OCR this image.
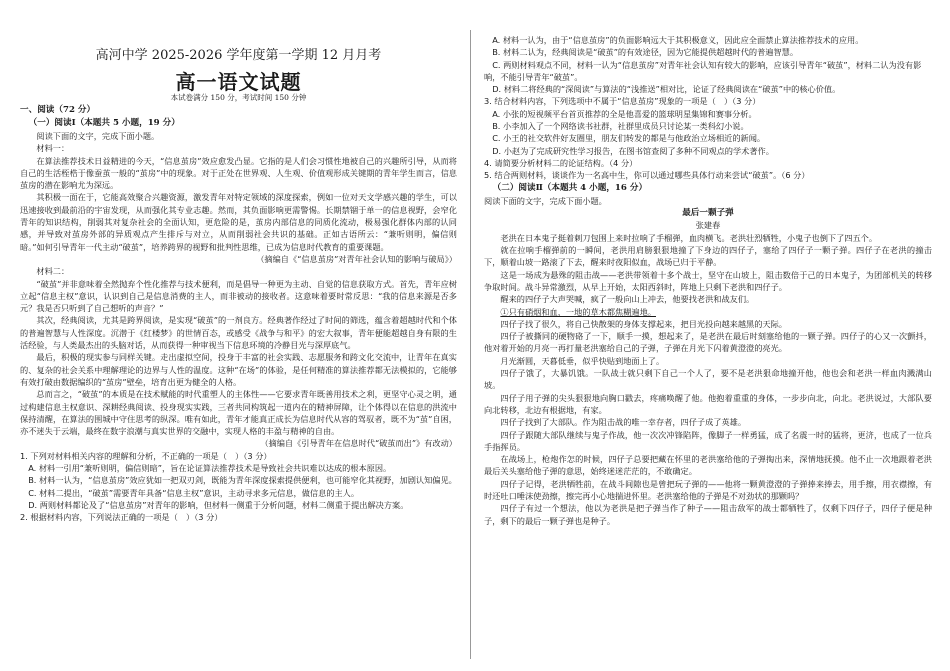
高河中学 2025-2026 学年度第一学期 12 月月考
高一语文试题
本试卷满分 150 分，考试时间 150 分钟

一、阅读（72 分）

（一）阅读Ⅰ（本题共 5 小题，19 分）

阅读下面的文字，完成下面小题。

材料一：

在算法推荐技术日益精进的今天，“信息茧房”效应愈发凸显。它指的是人们会习惯性地被自己的兴趣所引导，从而将自己的生活桎梏于像蚕茧一般的“茧房”中的现象。对于正处在世界观、人生观、价值观形成关键期的青年学生而言，信息茧房的潜在影响尤为深远。

其积极一面在于，它能高效聚合兴趣资源，激发青年对特定领域的深度探索，例如一位对天文学感兴趣的学生，可以迅速接收到最前沿的宇宙发现，从而强化其专业志趣。然而，其负面影响更需警惕。长期禁锢于单一的信息视野，会窄化青年的知识结构，削弱其对复杂社会的全面认知，更危险的是，茧房内部信息的同质化流动，极易强化群体内部的认同感，并导致对茧房外部的异质观点产生排斥与对立，从而削弱社会共识的基础。正如古语所云：“兼听则明，偏信则暗。”如何引导青年一代主动“破茧”，培养跨界的视野和批判性思维，已成为信息时代教育的重要课题。

（摘编自《“信息茧房”对青年社会认知的影响与破局》）

材料二：

“破茧”并非意味着全然抛弃个性化推荐与技术便利，而是倡导一种更为主动、自觉的信息获取方式。首先，青年应树立起“信息主权”意识，认识到自己是信息消费的主人，而非被动的接收者。这意味着要时常反思：“我的信息来源是否多元？我是否只听到了自己想听的声音？”

其次，经典阅读，尤其是跨界阅读，是实现“破茧”的一剂良方。经典著作经过了时间的筛选，蕴含着超越时代和个体的普遍智慧与人性深度。沉潜于《红楼梦》的世情百态，或感受《战争与和平》的宏大叙事，青年便能超越自身有限的生活经验，与人类最杰出的头脑对话，从而获得一种审视当下信息环境的冷静目光与深厚底气。

最后，积极的现实参与同样关键。走出虚拟空间，投身于丰富的社会实践、志愿服务和跨文化交流中，让青年在真实的、复杂的社会关系中理解理论的边界与人性的温度。这种“在场”的体验，是任何精准的算法推荐都无法模拟的，它能够有效打破由数据编织的“茧房”壁垒，培育出更为健全的人格。

总而言之，“破茧”的本质是在技术赋能的时代重塑人的主体性——它要求青年既善用技术之利，更坚守心灵之明，通过构建信息主权意识、深耕经典阅读、投身现实实践，三者共同构筑起一道内在的精神屏障，让个体得以在信息的洪流中保持清醒，在算法的围城中守住思考的纵深。唯有如此，青年才能真正成长为信息时代从容的驾驭者，既不为“茧”自困，亦不迷失于云端，最终在数字浪潮与真实世界的交融中，实现人格的丰盈与精神的自由。

（摘编自《引导青年在信息时代“破茧而出”》有改动）

1. 下列对材料相关内容的理解和分析，不正确的一项是（　）（3 分）

A. 材料一引用“兼听则明，偏信则暗”，旨在论证算法推荐技术是导致社会共识难以达成的根本原因。

B. 材料一认为，“信息茧房”效应犹如一把双刃剑，既能为青年深度探索提供便利，也可能窄化其视野，加剧认知偏见。

C. 材料二提出，“破茧”需要青年具备“信息主权”意识，主动寻求多元信息，做信息的主人。

D. 两则材料都论及了“信息茧房”对青年的影响，但材料一侧重于分析问题，材料二侧重于提出解决方案。

2. 根据材料内容，下列说法正确的一项是（　）（3 分）

A. 材料一认为，由于“信息茧房”的负面影响远大于其积极意义，因此应全面禁止算法推荐技术的应用。

B. 材料二认为，经典阅读是“破茧”的有效途径，因为它能提供超越时代的普遍智慧。

C. 两则材料观点不同，材料一认为“信息茧房”对青年社会认知有较大的影响，应该引导青年“破茧”，材料二认为没有影响，不能引导青年“破茧”。

D. 材料二将经典的“深阅读”与算法的“浅推送”相对比，论证了经典阅读在“破茧”中的核心价值。

3. 结合材料内容，下列选项中不属于“信息茧房”现象的一项是（　）（3 分）

A. 小张的短视频平台首页推荐的全是他喜爱的篮球明星集锦和赛事分析。

B. 小李加入了一个网络读书社群，社群里成员只讨论某一类科幻小说。

C. 小王的社交软件好友圈里，朋友们转发的都是与他政治立场相近的新闻。

D. 小赵为了完成研究性学习报告，在图书馆查阅了多种不同观点的学术著作。

4. 请简要分析材料二的论证结构。（4 分）

5. 结合两则材料，谈谈作为一名高中生，你可以通过哪些具体行动来尝试“破茧”。（6 分）

（二）阅读Ⅱ（本题共 4 小题，16 分）

阅读下面的文字，完成下面小题。

最后一颗子弹

张建春

老洪在日本鬼子挺着刺刀包围上来时拉响了手榴弹，血肉横飞。老洪壮烈牺牲，小鬼子也倒下了四五个。

就在拉响手榴弹前的一瞬间，老洪用肩膀狠狠地撞了下身边的四仔子，塞给了四仔子一颗子弹。四仔子在老洪的撞击下，顺着山坡一路滚了下去，醒来时夜阳似血，战场已归于平静。

这是一场成为悬殊的阻击战——老洪带领着十多个战士，坚守在山坡上，阻击数倍于己的日本鬼子，为团部机关的转移争取时间。战斗异常激烈，从早上开始，太阳西斜时，阵地上只剩下老洪和四仔子。

醒来的四仔子大声哭喊，疯了一般向山上冲去，他要找老洪和战友们。

①只有硝烟和血，一地的草木都焦糊遍地。

四仔子找了很久，将自己快散架的身体支撑起来，把目光投向越来越黑的天际。

四仔子被撕同的硬物硌了一下，顺手一摸，想起来了，是老洪在最后时刻塞给他的一颗子弹。四仔子的心又一次颤抖，他对着开始的月亮一再打量老洪塞给自己的子弹，子弹在月光下闪着黄澄澄的亮光。

月光渐圆，天暮低垂，似乎快贴到地面上了。

四仔子饿了，大暴饥饿。一队战士就只剩下自己一个人了，要不是老洪狠命地撞开他，他也会和老洪一样血肉溅满山坡。

四仔子用子弹的尖头狠狠地向胸口戳去，疼痛唤醒了他。他抱着重重的身体，一步步向北，向北。老洪说过，大部队要向北转移，北边有根据地，有家。

四仔子找到了大部队。作为阻击战的唯一幸存者，四仔子成了英雄。

四仔子跟随大部队继续与鬼子作战，他一次次冲锋陷阵，像脚子一样勇猛，成了名震一时的猛将，更济，也成了一位兵手指挥员。

在战场上，枪炮作怎的时候，四仔子总要把藏在怀里的老洪塞给他的子弹掏出来，深情地抚摸。他不止一次地跟着老洪最后关头塞给他子弹的意思，始终迷迷茫茫的，不敢确定。

四仔子记得，老洪牺牲前，在战斗间隙也是曾把玩子弹的——他将一颗黄澄澄的子弹捧来捧去，用手擦，用衣襟擦，有时还吐口唾沫使劲擦，擦完再小心地揣进怀里。老洪塞给他的子弹是不对劲状的那颗吗？

四仔子有过一个想法，他以为老洪是把子弹当作了种子——阻击敌军的战士都牺牲了，仅剩下四仔子，四仔子便是种子，剩下的最后一颗子弹也是种子。
